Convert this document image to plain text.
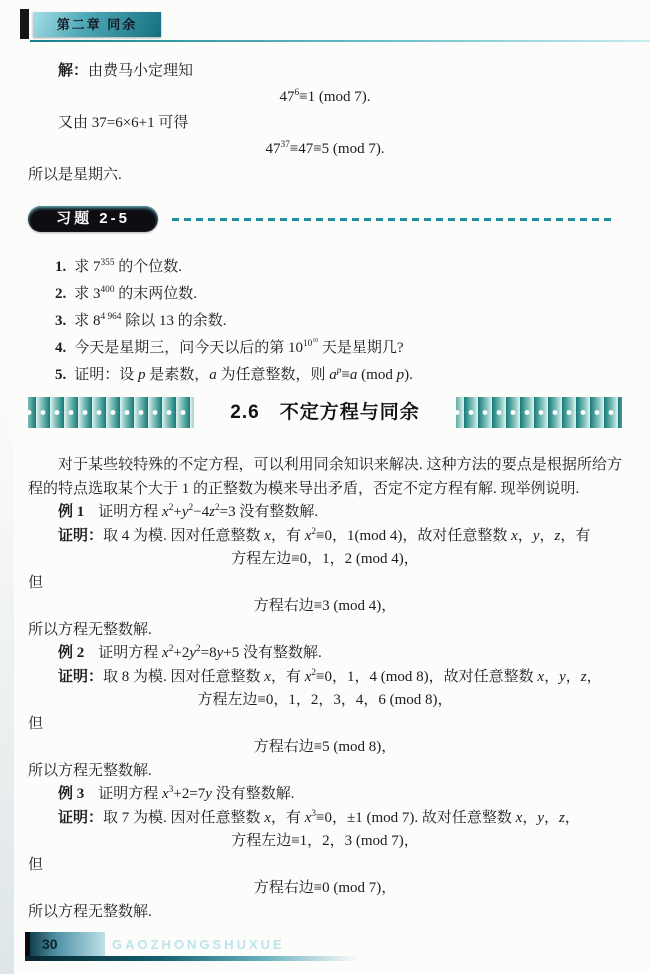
第二章 同余

解：由费马小定理知

$47^6\equiv 1$ (mod 7).

又由 37=6×6+1 可得

$47^{37}\equiv 47\equiv 5$ (mod 7).

所以是星期六.

习题 2-5

1. 求 $7^{355}$ 的个位数.

2. 求 $3^{400}$ 的末两位数.

3. 求 $8^{4 964}$ 除以 13 的余数.

4. 今天是星期三，问今天以后的第 $10^{10^{10}}$ 天是星期几?

5. 证明：设 p 是素数，a 为任意整数，则 $a^p\equiv a$ (mod p).

2.6　不定方程与同余

对于某些较特殊的不定方程，可以利用同余知识来解决. 这种方法的要点是根据所给方程的特点选取某个大于 1 的正整数为模来导出矛盾，否定不定方程有解. 现举例说明.

例 1 证明方程 $x^2+y^2-4z^2=3$ 没有整数解.

证明：取 4 为模. 因对任意整数 x，有 $x^2\equiv 0$，1(mod 4)，故对任意整数 x，y，z，有

方程左边≡0，1，2 (mod 4)，

但

方程右边≡3 (mod 4)，

所以方程无整数解.

例 2 证明方程 $x^2+2y^2=8y+5$ 没有整数解.

证明：取 8 为模. 因对任意整数 x，有 $x^2\equiv 0$，1，4 (mod 8)，故对任意整数 x，y，z，

方程左边≡0，1，2，3，4，6 (mod 8)，

但

方程右边≡5 (mod 8)，

所以方程无整数解.

例 3 证明方程 $x^3+2=7y$ 没有整数解.

证明：取 7 为模. 因对任意整数 x，有 $x^3\equiv 0$，±1 (mod 7). 故对任意整数 x，y，z，

方程左边≡1，2，3 (mod 7)，

但

方程右边≡0 (mod 7)，

所以方程无整数解.

30	GAOZHONGSHUXUE
